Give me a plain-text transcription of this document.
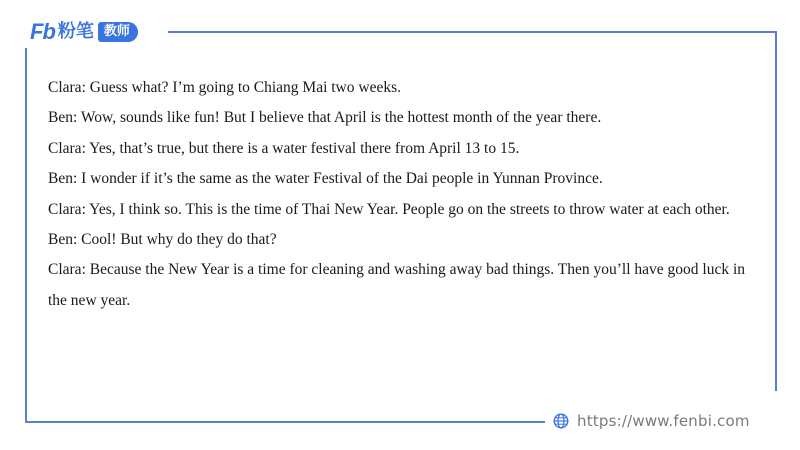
Fb 粉笔 教师

Clara: Guess what? I’m going to Chiang Mai two weeks.

Ben: Wow, sounds like fun! But I believe that April is the hottest month of the year there.

Clara: Yes, that’s true, but there is a water festival there from April 13 to 15.

Ben: I wonder if it’s the same as the water Festival of the Dai people in Yunnan Province.

Clara: Yes, I think so. This is the time of Thai New Year. People go on the streets to throw water at each other.

Ben: Cool! But why do they do that?

Clara: Because the New Year is a time for cleaning and washing away bad things. Then you’ll have good luck in the new year.

https://www.fenbi.com
